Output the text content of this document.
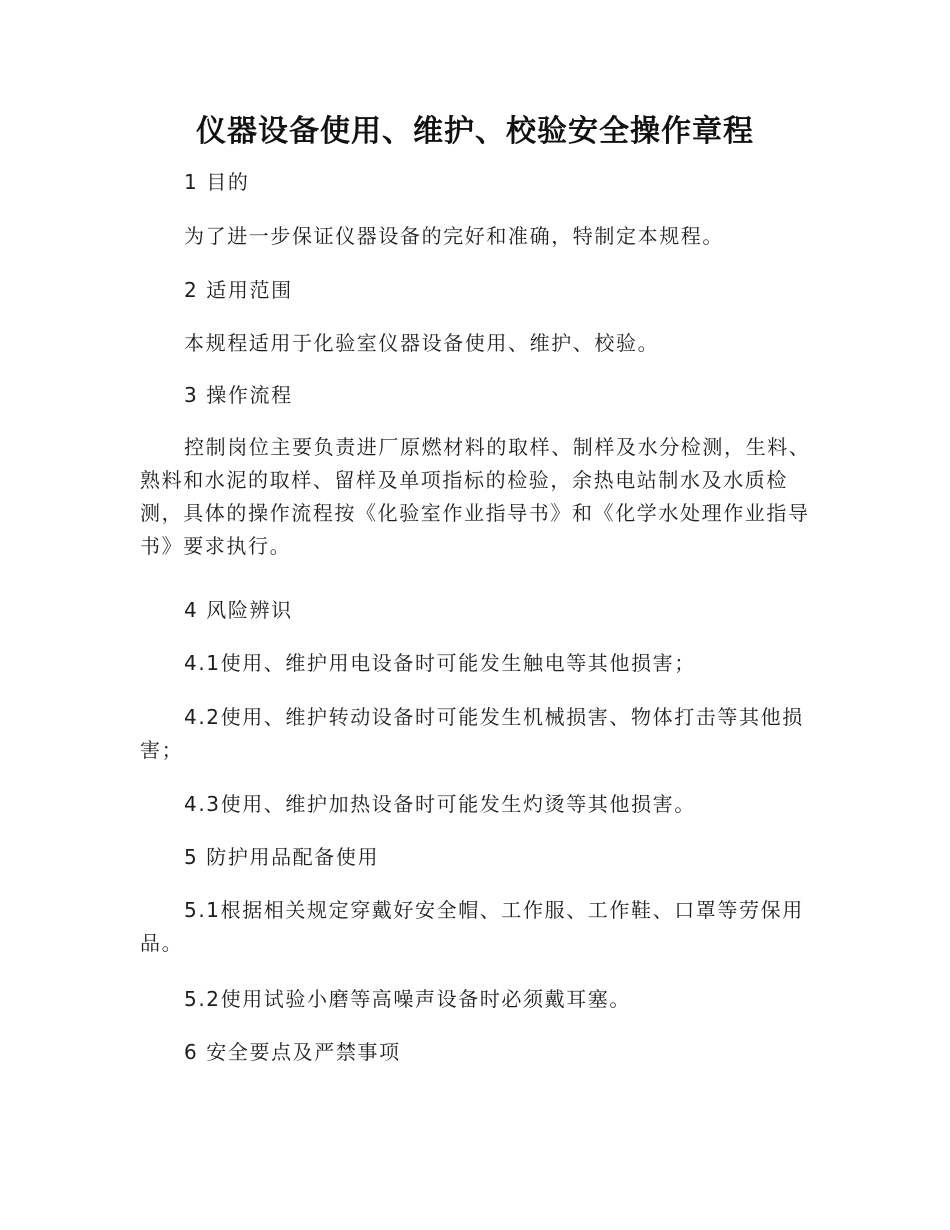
仪器设备使用、维护、校验安全操作章程
1 目的
为了进一步保证仪器设备的完好和准确，特制定本规程。
2 适用范围
本规程适用于化验室仪器设备使用、维护、校验。
3 操作流程
控制岗位主要负责进厂原燃材料的取样、制样及水分检测，生料、熟料和水泥的取样、留样及单项指标的检验，余热电站制水及水质检测，具体的操作流程按《化验室作业指导书》和《化学水处理作业指导书》要求执行。
4 风险辨识
4.1使用、维护用电设备时可能发生触电等其他损害；
4.2使用、维护转动设备时可能发生机械损害、物体打击等其他损害；
4.3使用、维护加热设备时可能发生灼烫等其他损害。
5 防护用品配备使用
5.1根据相关规定穿戴好安全帽、工作服、工作鞋、口罩等劳保用品。
5.2使用试验小磨等高噪声设备时必须戴耳塞。
6 安全要点及严禁事项
